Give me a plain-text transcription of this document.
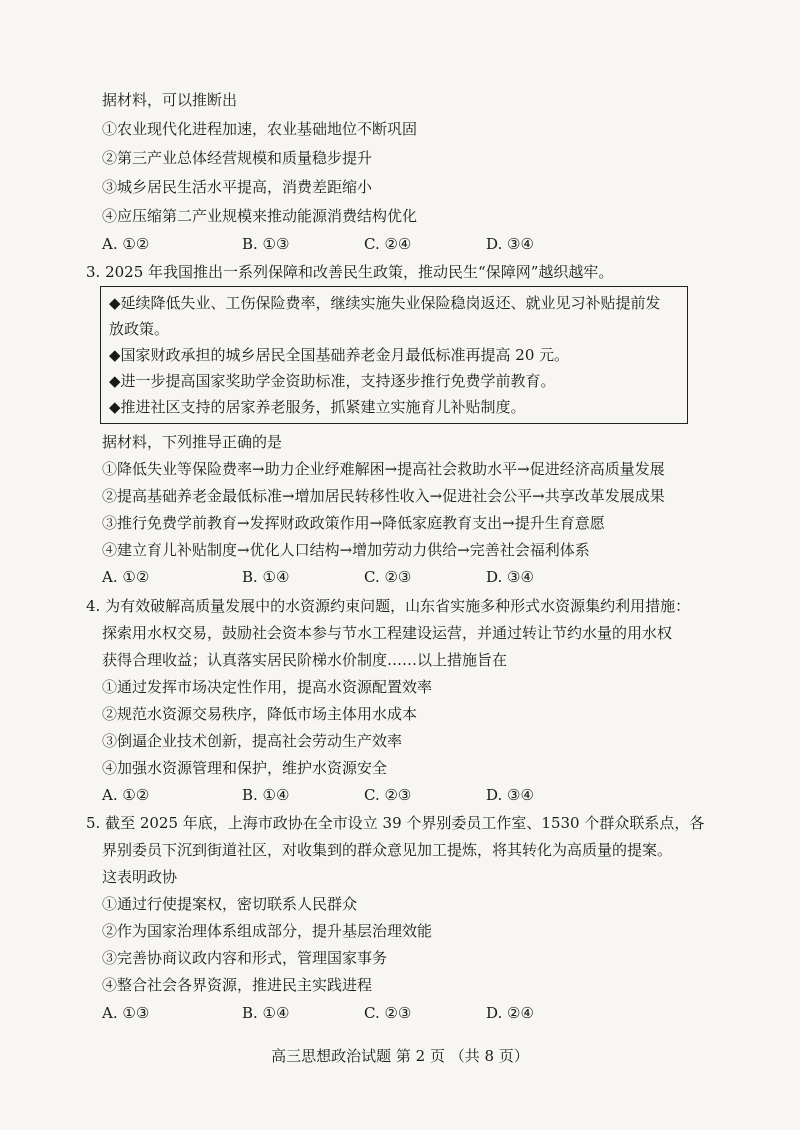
据材料，可以推断出
①农业现代化进程加速，农业基础地位不断巩固
②第三产业总体经营规模和质量稳步提升
③城乡居民生活水平提高，消费差距缩小
④应压缩第二产业规模来推动能源消费结构优化
A. ①②	B. ①③	C. ②④	D. ③④
3. 2025 年我国推出一系列保障和改善民生政策，推动民生“保障网”越织越牢。
◆延续降低失业、工伤保险费率，继续实施失业保险稳岗返还、就业见习补贴提前发
放政策。
◆国家财政承担的城乡居民全国基础养老金月最低标准再提高 20 元。
◆进一步提高国家奖助学金资助标准，支持逐步推行免费学前教育。
◆推进社区支持的居家养老服务，抓紧建立实施育儿补贴制度。
据材料，下列推导正确的是
①降低失业等保险费率→助力企业纾难解困→提高社会救助水平→促进经济高质量发展
②提高基础养老金最低标准→增加居民转移性收入→促进社会公平→共享改革发展成果
③推行免费学前教育→发挥财政政策作用→降低家庭教育支出→提升生育意愿
④建立育儿补贴制度→优化人口结构→增加劳动力供给→完善社会福利体系
A. ①②	B. ①④	C. ②③	D. ③④
4. 为有效破解高质量发展中的水资源约束问题，山东省实施多种形式水资源集约利用措施：
探索用水权交易，鼓励社会资本参与节水工程建设运营，并通过转让节约水量的用水权
获得合理收益；认真落实居民阶梯水价制度……以上措施旨在
①通过发挥市场决定性作用，提高水资源配置效率
②规范水资源交易秩序，降低市场主体用水成本
③倒逼企业技术创新，提高社会劳动生产效率
④加强水资源管理和保护，维护水资源安全
A. ①②	B. ①④	C. ②③	D. ③④
5. 截至 2025 年底，上海市政协在全市设立 39 个界别委员工作室、1530 个群众联系点，各
界别委员下沉到街道社区，对收集到的群众意见加工提炼，将其转化为高质量的提案。
这表明政协
①通过行使提案权，密切联系人民群众
②作为国家治理体系组成部分，提升基层治理效能
③完善协商议政内容和形式，管理国家事务
④整合社会各界资源，推进民主实践进程
A. ①③	B. ①④	C. ②③	D. ②④
高三思想政治试题 第 2 页 （共 8 页）
